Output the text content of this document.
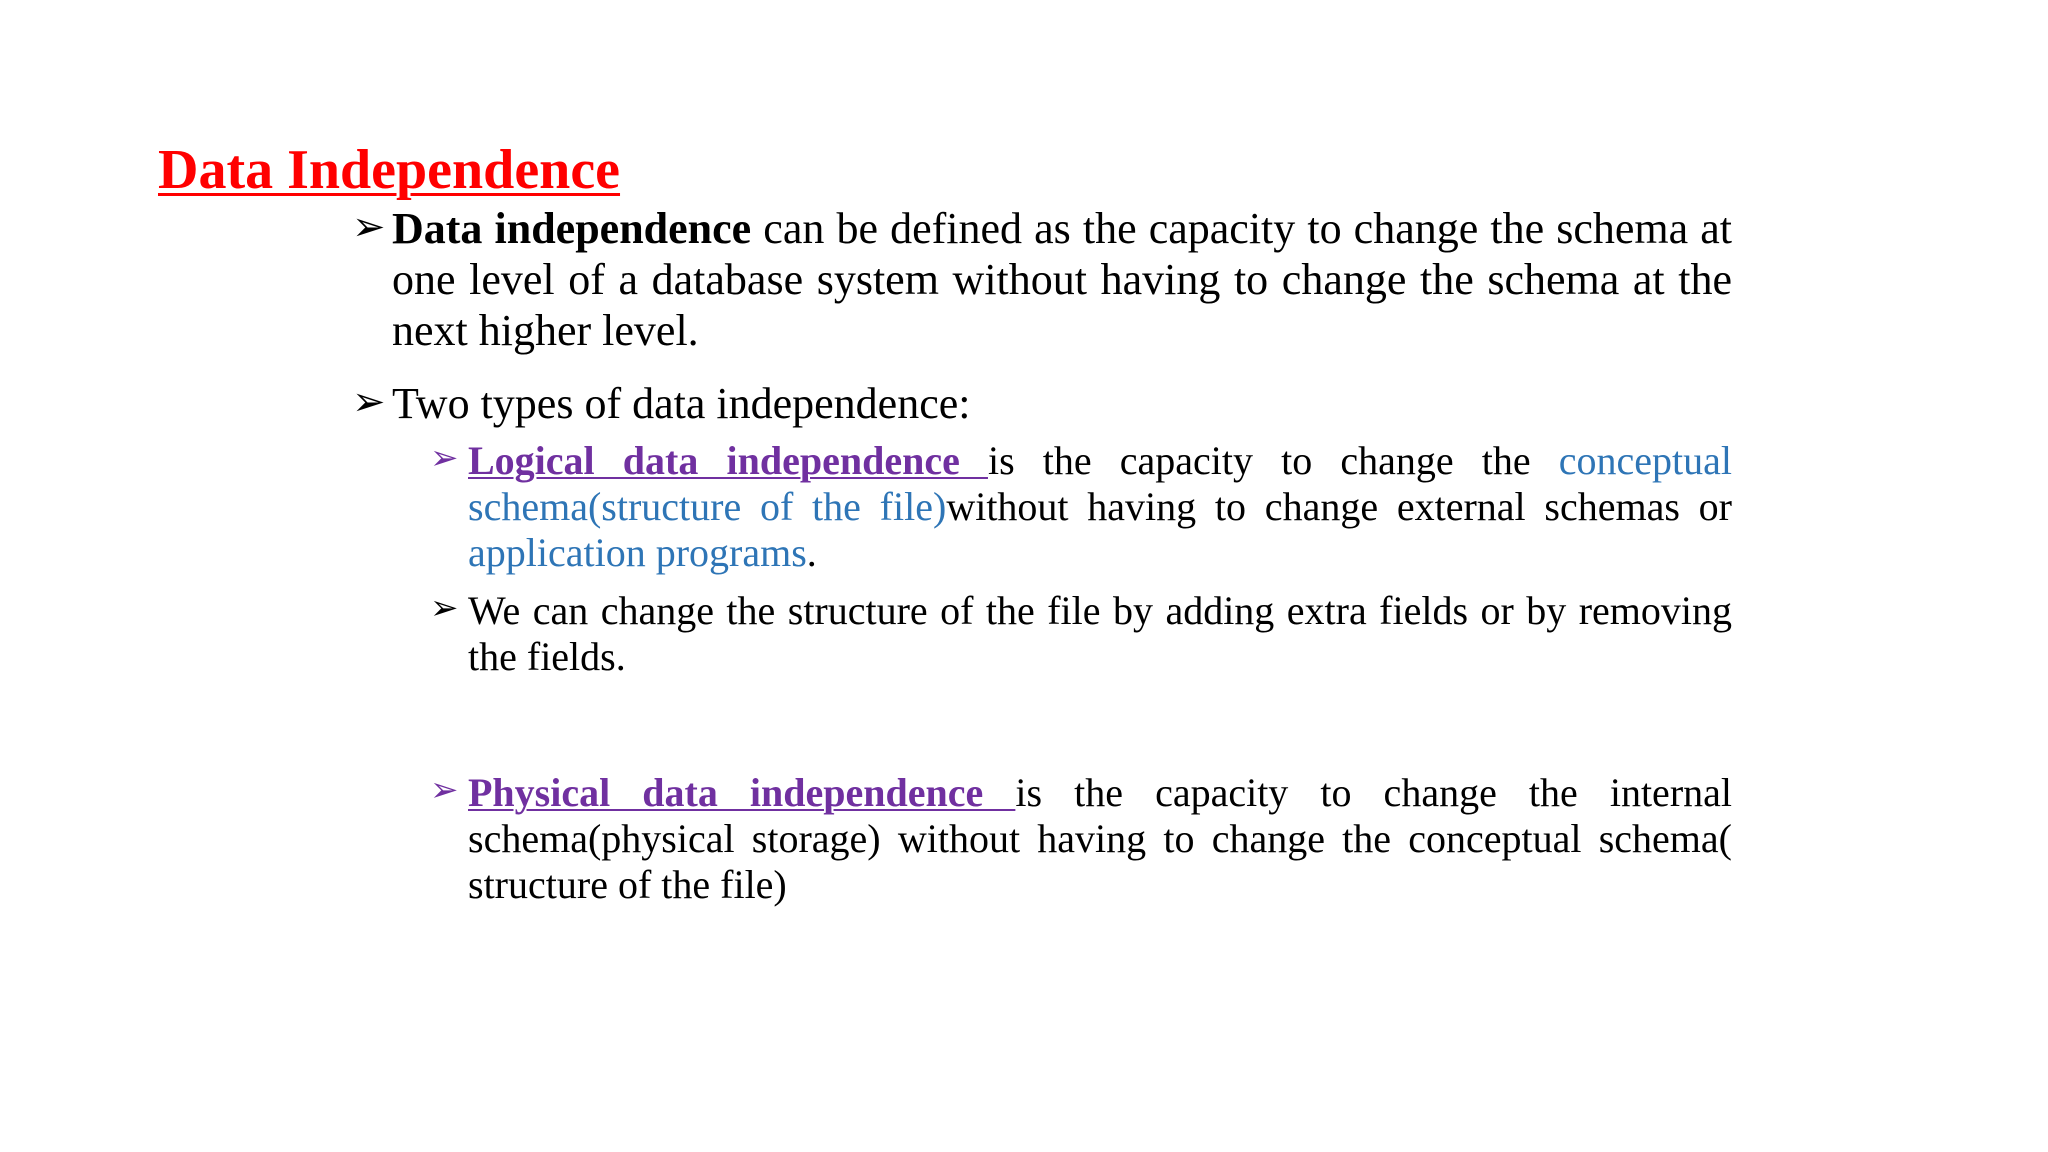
Data Independence
➢ Data independence can be defined as the capacity to change the schema at one level of a database system without having to change the schema at the next higher level.
➢ Two types of data independence:
➢ Logical data independence is the capacity to change the conceptual schema(structure of the file)without having to change external schemas or application programs.
➢ We can change the structure of the file by adding extra fields or by removing the fields.
➢ Physical data independence is the capacity to change the internal schema(physical storage) without having to change the conceptual schema( structure of the file)
